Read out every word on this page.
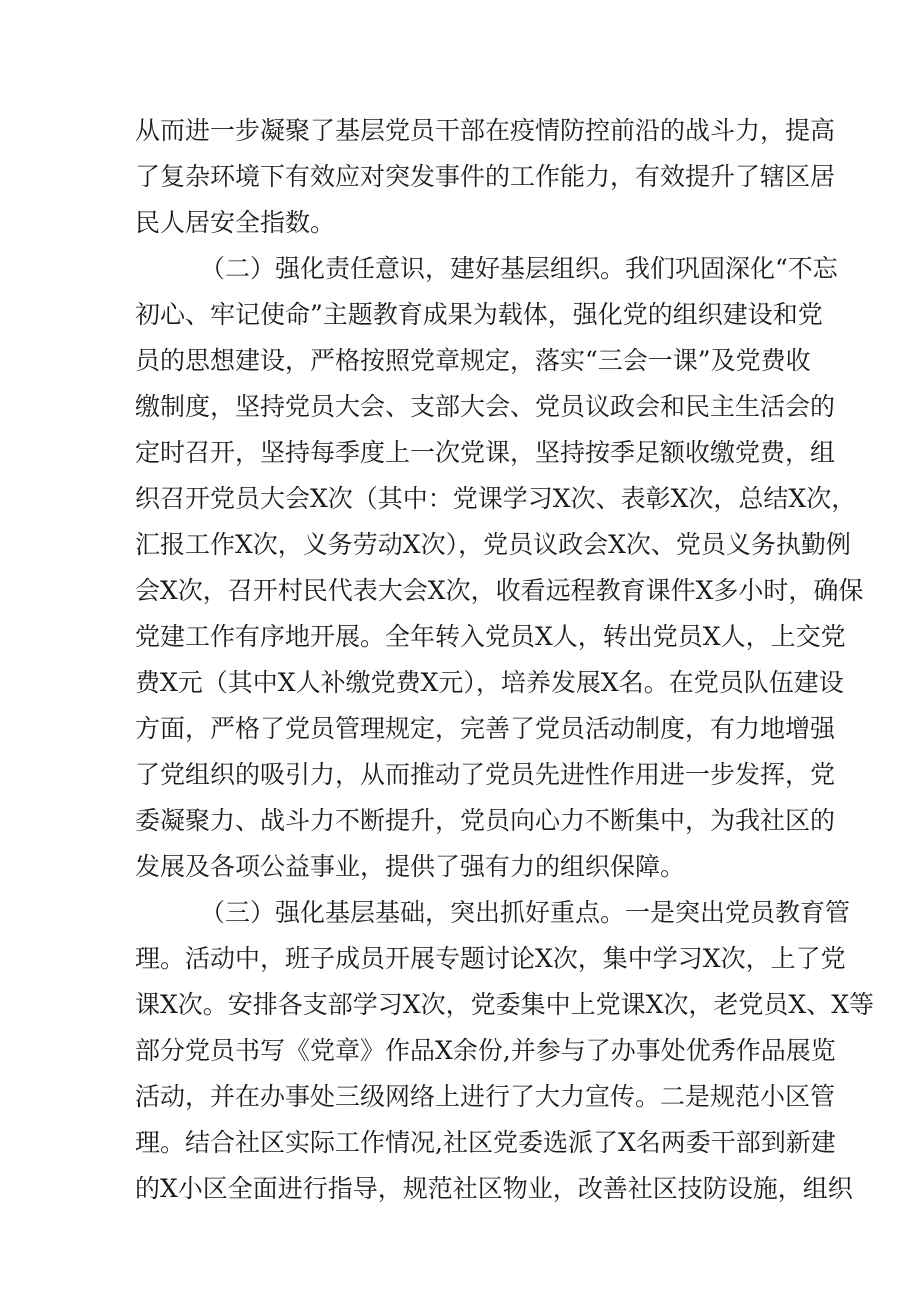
从而进一步凝聚了基层党员干部在疫情防控前沿的战斗力，提高
了复杂环境下有效应对突发事件的工作能力，有效提升了辖区居
民人居安全指数。
（二）强化责任意识，建好基层组织。我们巩固深化“不忘
初心、牢记使命”主题教育成果为载体，强化党的组织建设和党
员的思想建设，严格按照党章规定，落实“三会一课”及党费收
缴制度，坚持党员大会、支部大会、党员议政会和民主生活会的
定时召开，坚持每季度上一次党课，坚持按季足额收缴党费，组
织召开党员大会X次（其中：党课学习X次、表彰X次，总结X次，
汇报工作X次，义务劳动X次），党员议政会X次、党员义务执勤例
会X次，召开村民代表大会X次，收看远程教育课件X多小时，确保
党建工作有序地开展。全年转入党员X人，转出党员X人，上交党
费X元（其中X人补缴党费X元），培养发展X名。在党员队伍建设
方面，严格了党员管理规定，完善了党员活动制度，有力地增强
了党组织的吸引力，从而推动了党员先进性作用进一步发挥，党
委凝聚力、战斗力不断提升，党员向心力不断集中，为我社区的
发展及各项公益事业，提供了强有力的组织保障。
（三）强化基层基础，突出抓好重点。一是突出党员教育管
理。活动中，班子成员开展专题讨论X次，集中学习X次，上了党
课X次。安排各支部学习X次，党委集中上党课X次，老党员X、X等
部分党员书写《党章》作品X余份,并参与了办事处优秀作品展览
活动，并在办事处三级网络上进行了大力宣传。二是规范小区管
理。结合社区实际工作情况,社区党委选派了X名两委干部到新建
的X小区全面进行指导，规范社区物业，改善社区技防设施，组织
